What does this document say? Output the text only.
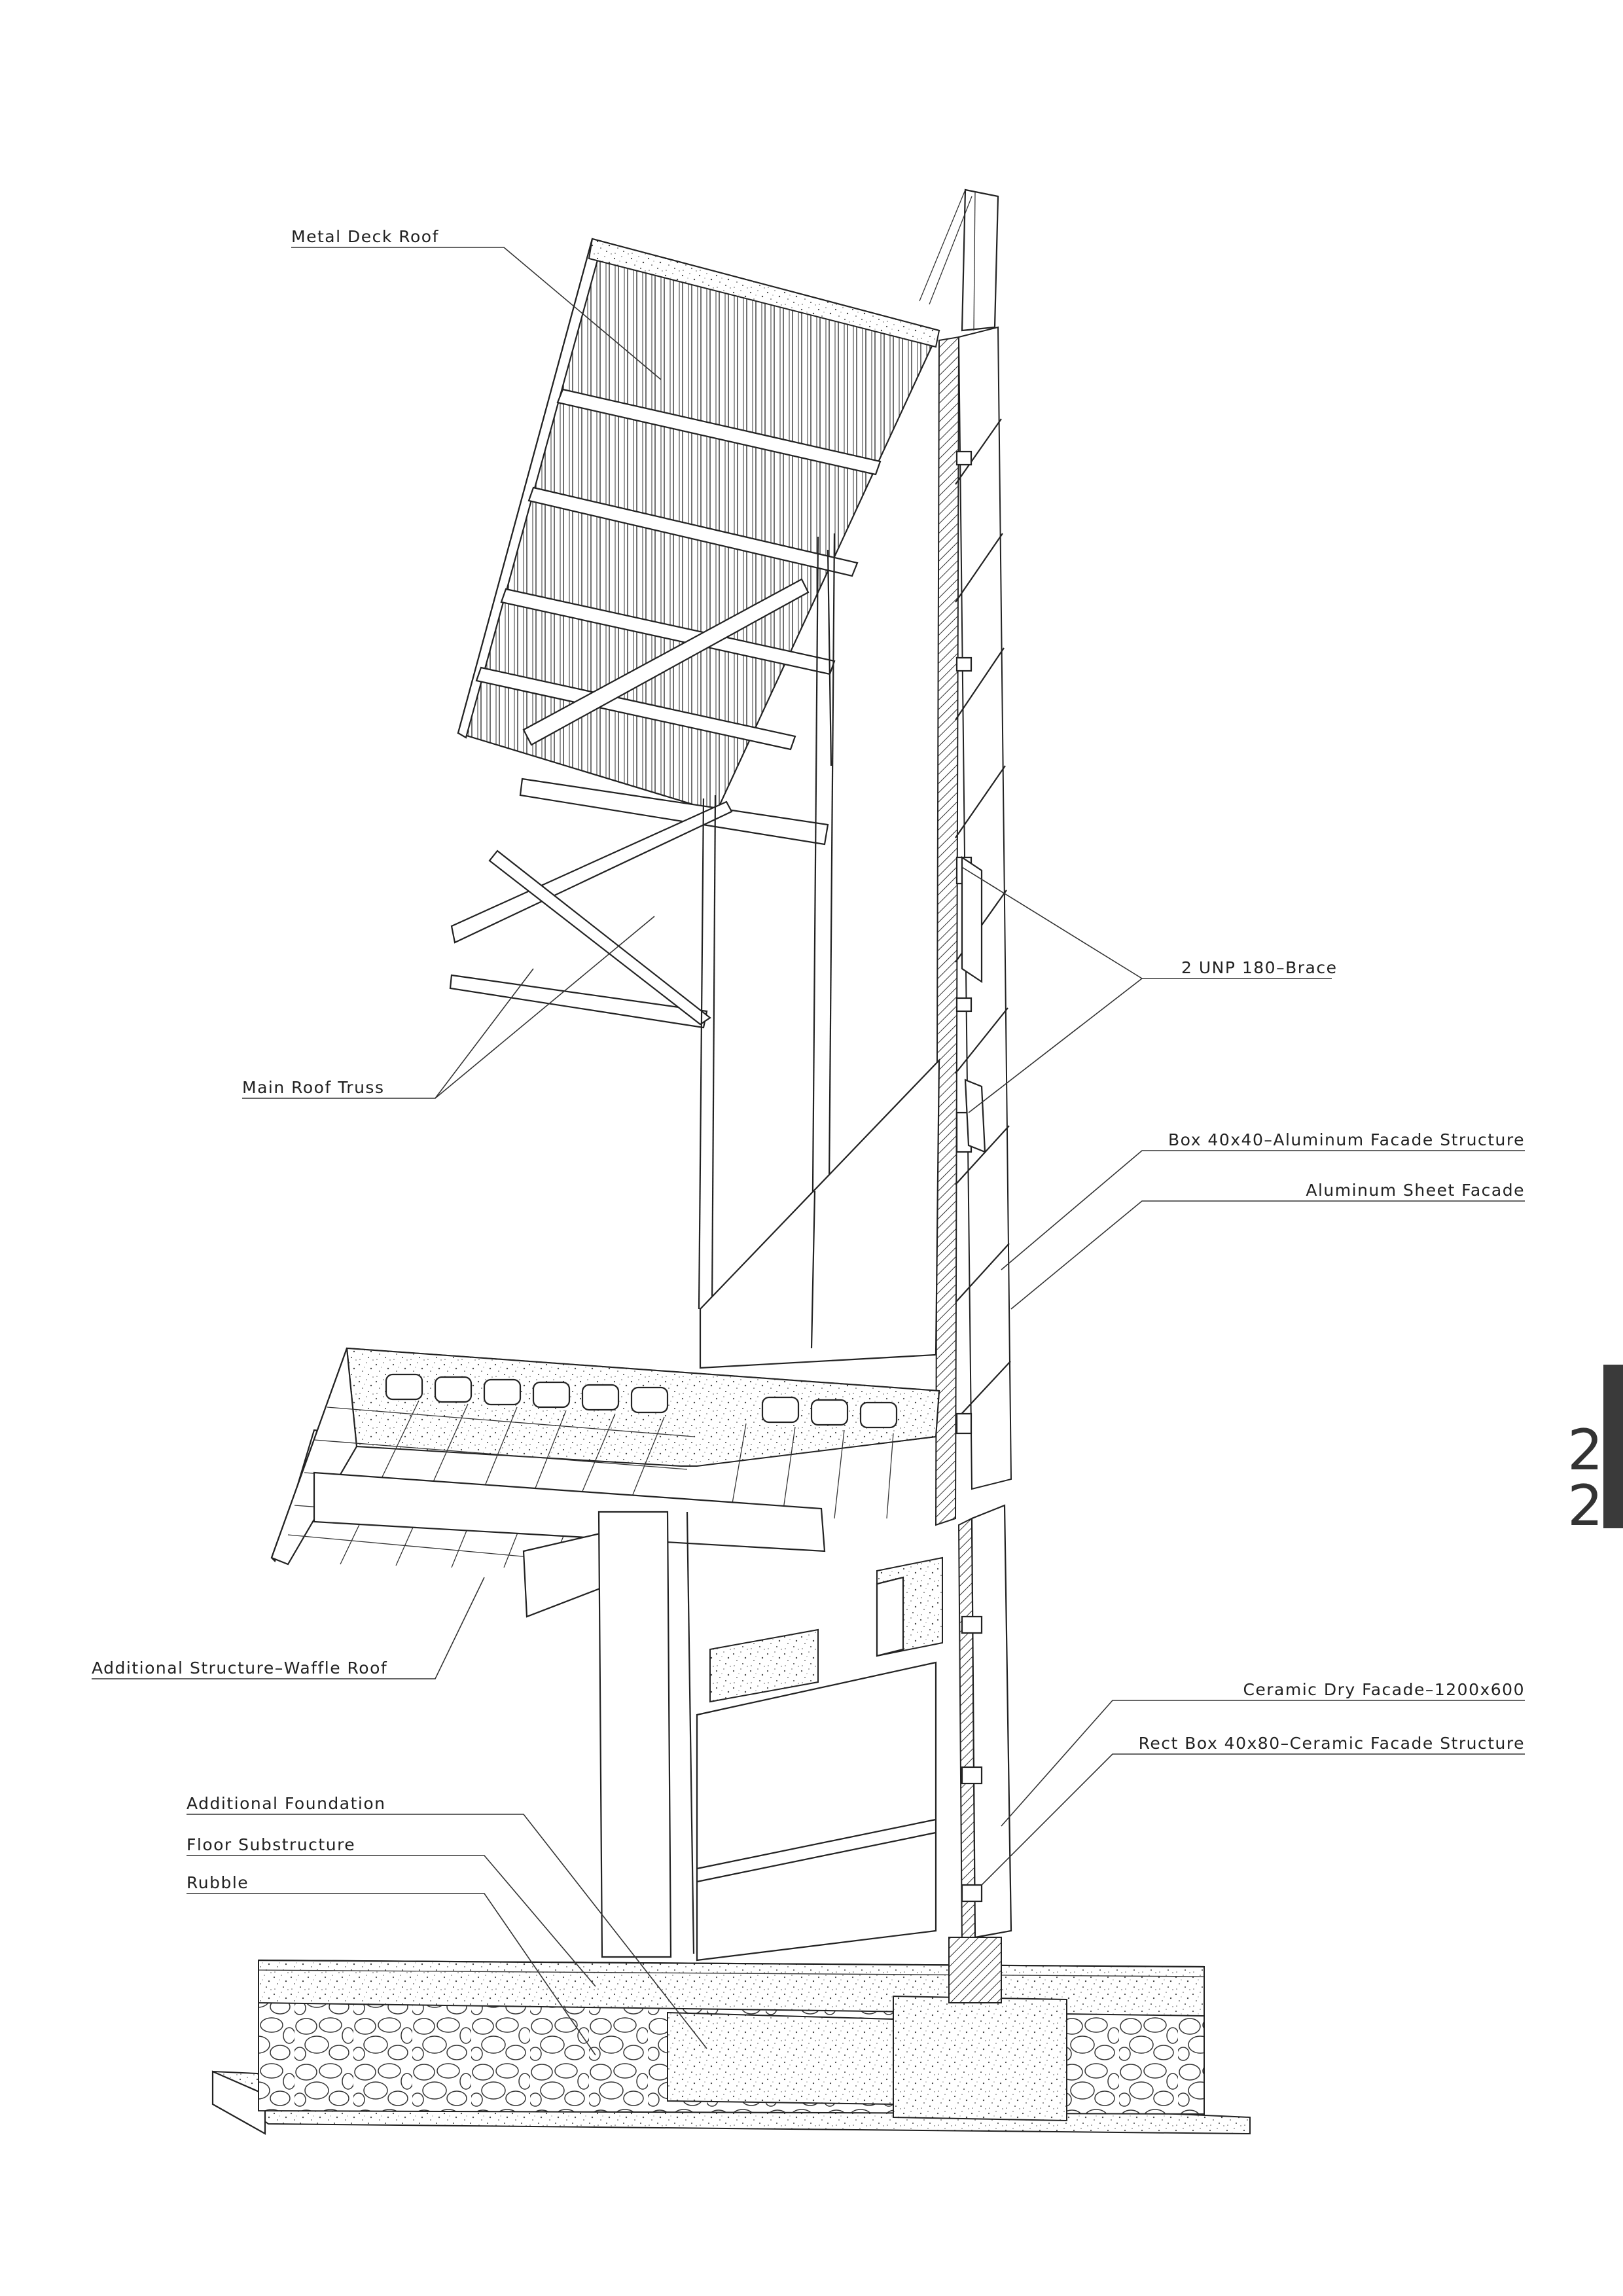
Metal Deck Roof
2 UNP 180–Brace
Main Roof Truss
Box 40x40–Aluminum Facade Structure
Aluminum Sheet Facade
Additional Structure–Waffle Roof
Ceramic Dry Facade–1200x600
Rect Box 40x80–Ceramic Facade Structure
Additional Foundation
Floor Substructure
Rubble
2
2
